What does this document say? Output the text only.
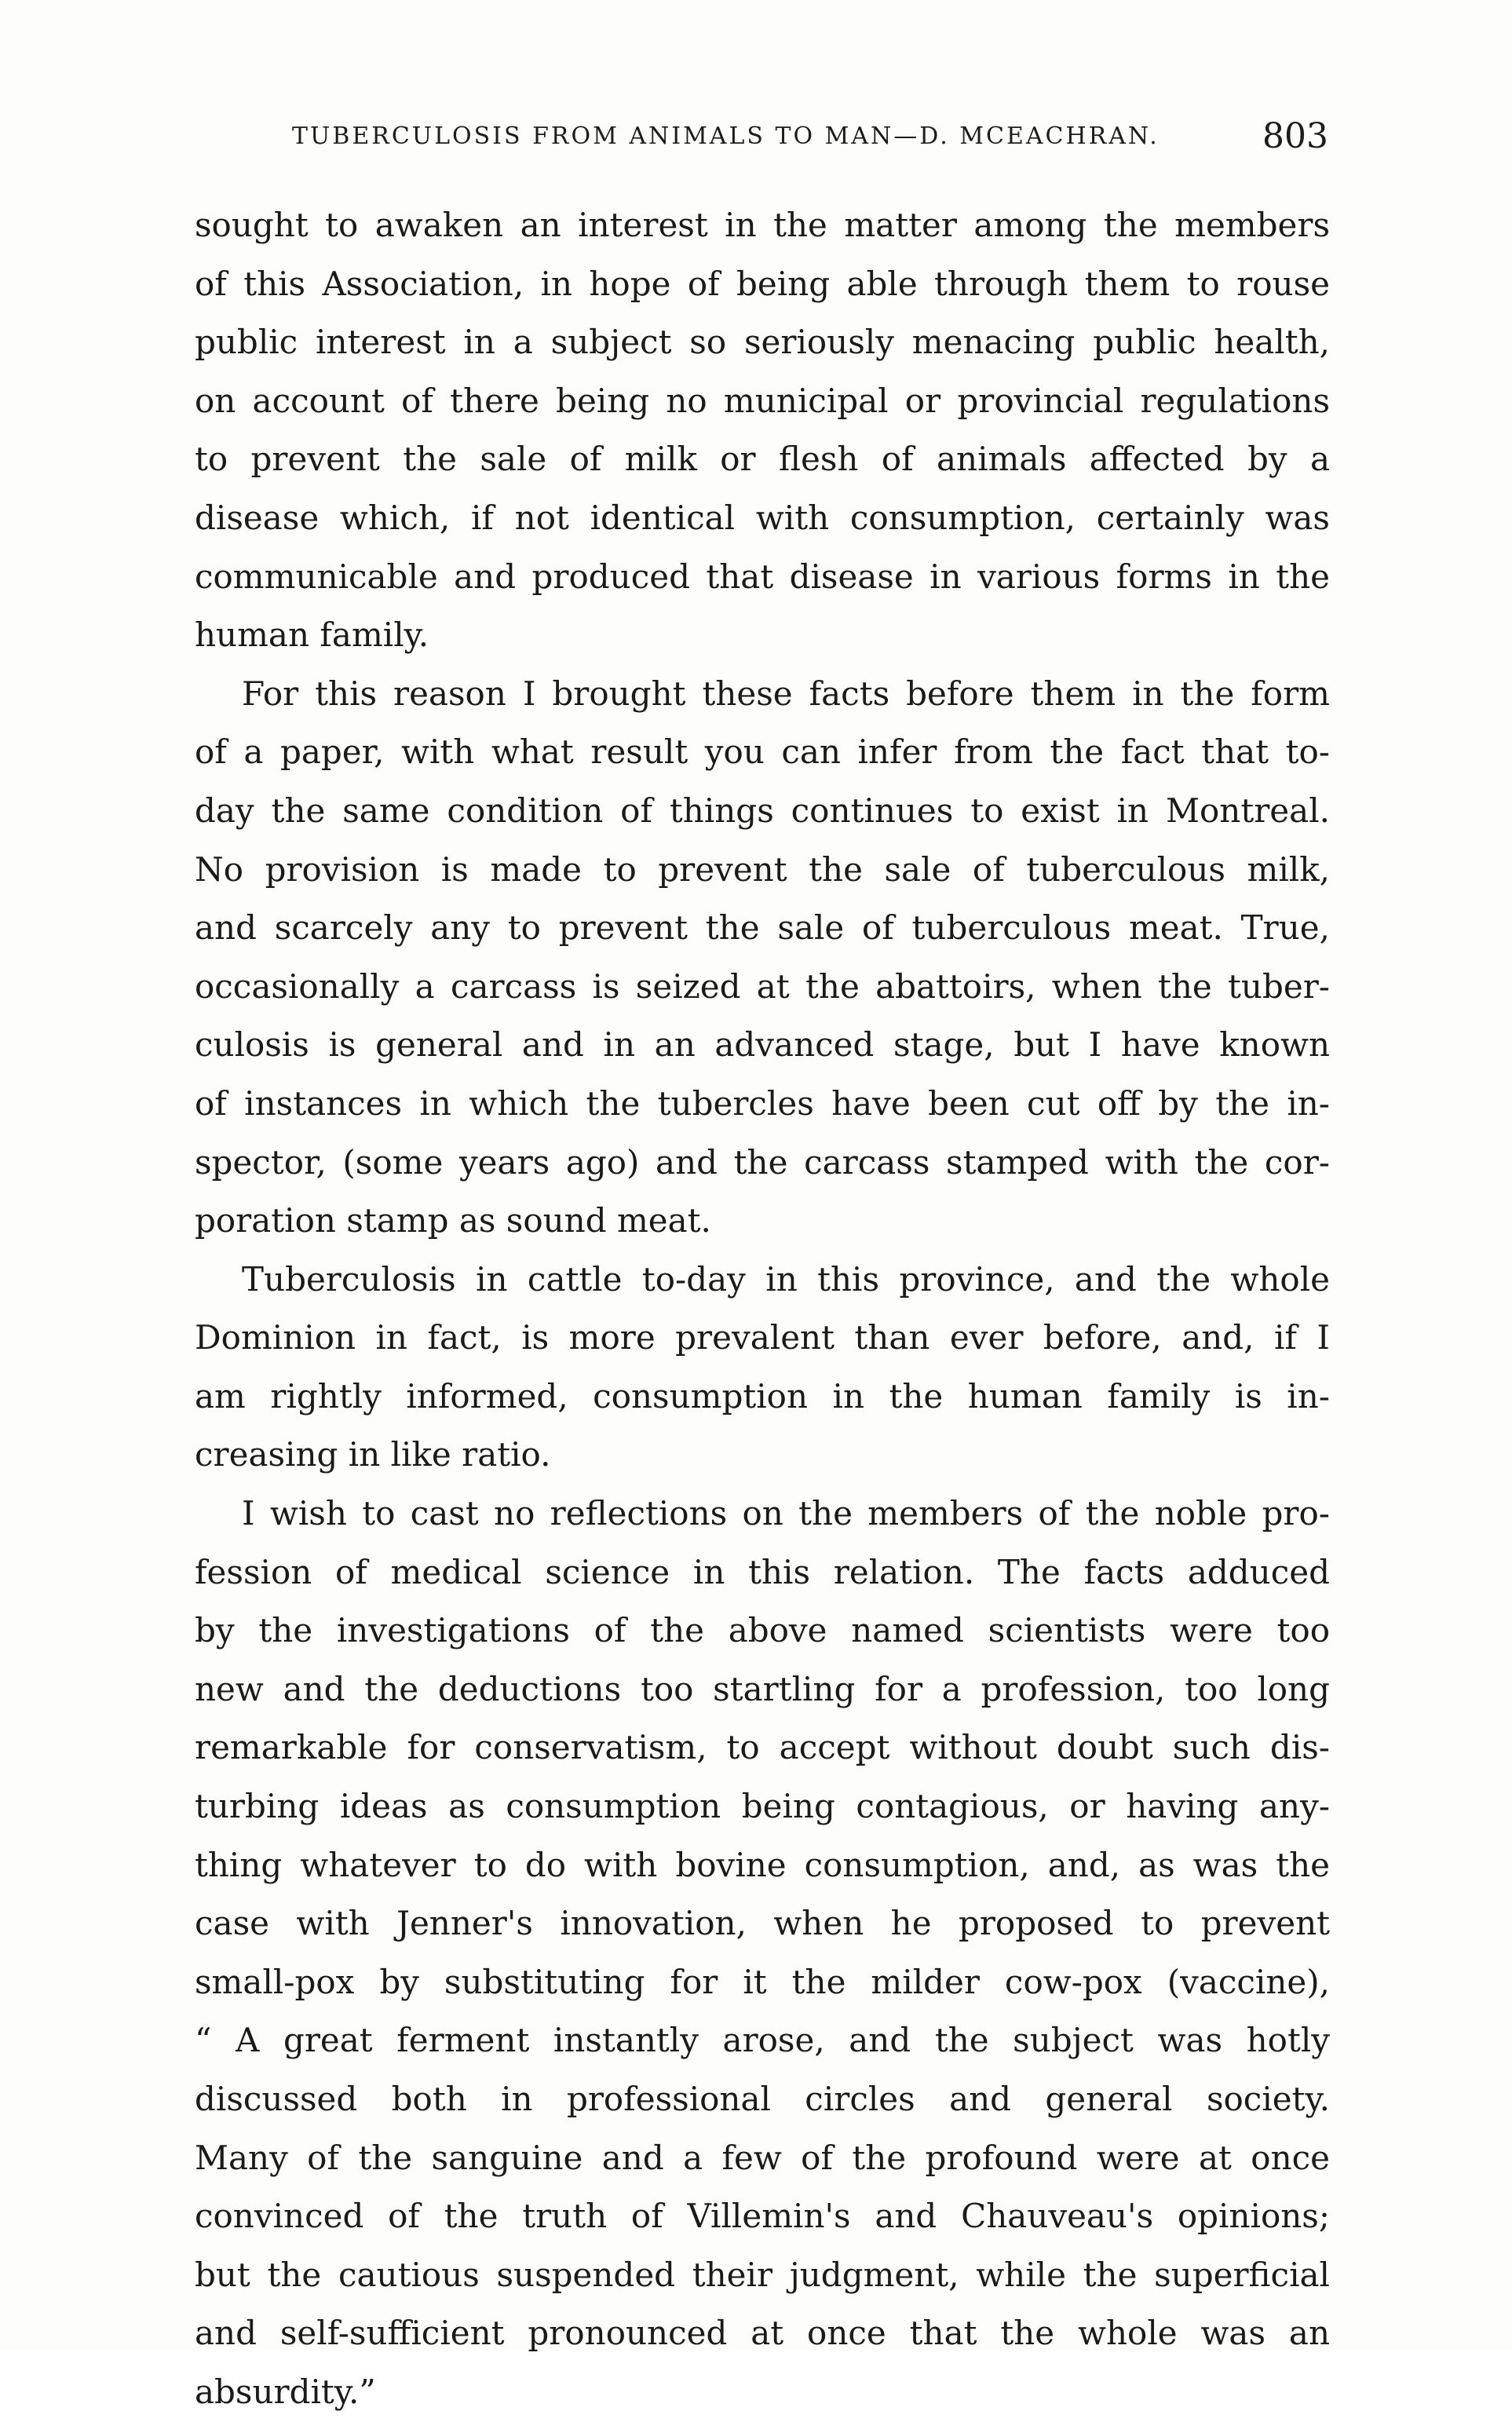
TUBERCULOSIS FROM ANIMALS TO MAN—D. MCEACHRAN.	803
sought to awaken an interest in the matter among the members
of this Association, in hope of being able through them to rouse
public interest in a subject so seriously menacing public health,
on account of there being no municipal or provincial regulations
to prevent the sale of milk or flesh of animals affected by a
disease which, if not identical with consumption, certainly was
communicable and produced that disease in various forms in the
human family.
For this reason I brought these facts before them in the form
of a paper, with what result you can infer from the fact that to-
day the same condition of things continues to exist in Montreal.
No provision is made to prevent the sale of tuberculous milk,
and scarcely any to prevent the sale of tuberculous meat. True,
occasionally a carcass is seized at the abattoirs, when the tuber-
culosis is general and in an advanced stage, but I have known
of instances in which the tubercles have been cut off by the in-
spector, (some years ago) and the carcass stamped with the cor-
poration stamp as sound meat.
Tuberculosis in cattle to-day in this province, and the whole
Dominion in fact, is more prevalent than ever before, and, if I
am rightly informed, consumption in the human family is in-
creasing in like ratio.
I wish to cast no reflections on the members of the noble pro-
fession of medical science in this relation. The facts adduced
by the investigations of the above named scientists were too
new and the deductions too startling for a profession, too long
remarkable for conservatism, to accept without doubt such dis-
turbing ideas as consumption being contagious, or having any-
thing whatever to do with bovine consumption, and, as was the
case with Jenner's innovation, when he proposed to prevent
small-pox by substituting for it the milder cow-pox (vaccine),
“ A great ferment instantly arose, and the subject was hotly
discussed both in professional circles and general society.
Many of the sanguine and a few of the profound were at once
convinced of the truth of Villemin's and Chauveau's opinions;
but the cautious suspended their judgment, while the superficial
and self-sufficient pronounced at once that the whole was an
absurdity.”
